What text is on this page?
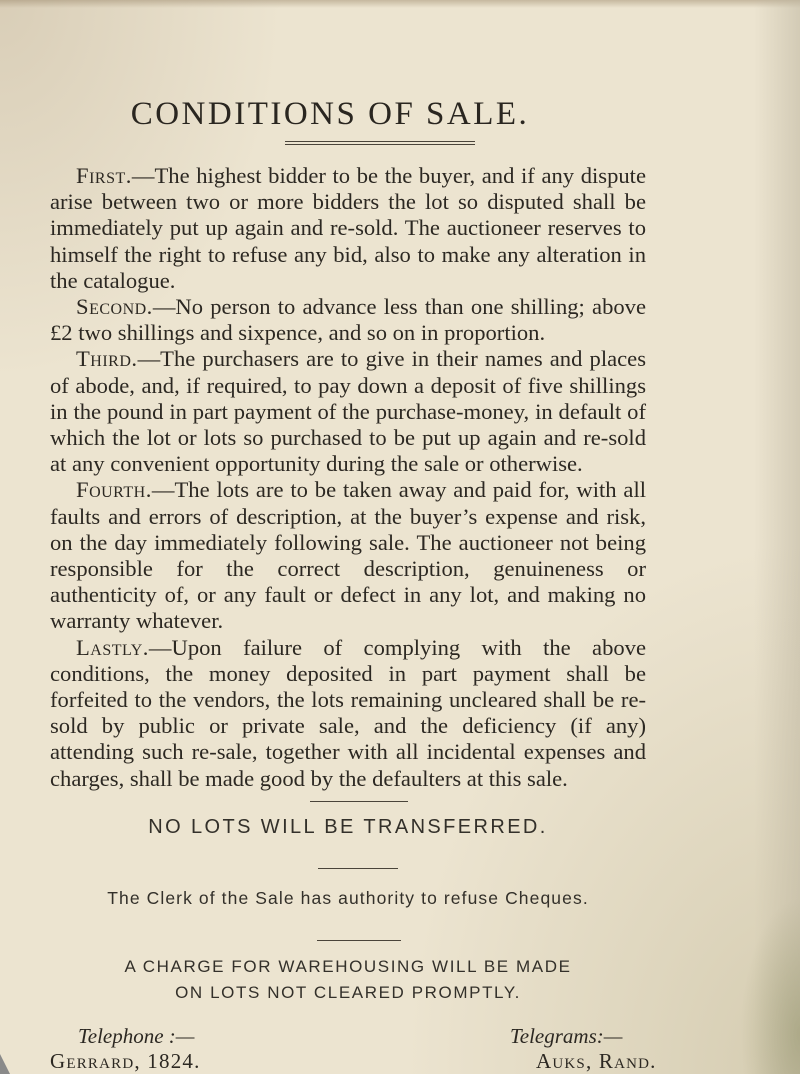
CONDITIONS OF SALE.

First.—The highest bidder to be the buyer, and if any dispute arise between two or more bidders the lot so disputed shall be immediately put up again and re-sold. The auctioneer reserves to himself the right to refuse any bid, also to make any alteration in the catalogue.

Second.—No person to advance less than one shilling; above £2 two shillings and sixpence, and so on in proportion.

Third.—The purchasers are to give in their names and places of abode, and, if required, to pay down a deposit of five shillings in the pound in part payment of the purchase-money, in default of which the lot or lots so purchased to be put up again and re-sold at any convenient opportunity during the sale or otherwise.

Fourth.—The lots are to be taken away and paid for, with all faults and errors of description, at the buyer’s expense and risk, on the day immediately following sale. The auctioneer not being responsible for the correct description, genuineness or authenticity of, or any fault or defect in any lot, and making no warranty whatever.

Lastly.—Upon failure of complying with the above conditions, the money deposited in part payment shall be forfeited to the vendors, the lots remaining uncleared shall be re-sold by public or private sale, and the deficiency (if any) attending such re-sale, together with all incidental expenses and charges, shall be made good by the defaulters at this sale.

NO LOTS WILL BE TRANSFERRED.
The Clerk of the Sale has authority to refuse Cheques.
A CHARGE FOR WAREHOUSING WILL BE MADE
ON LOTS NOT CLEARED PROMPTLY.
Telephone :—
Gerrard, 1824.
Telegrams:—
Auks, Rand.
